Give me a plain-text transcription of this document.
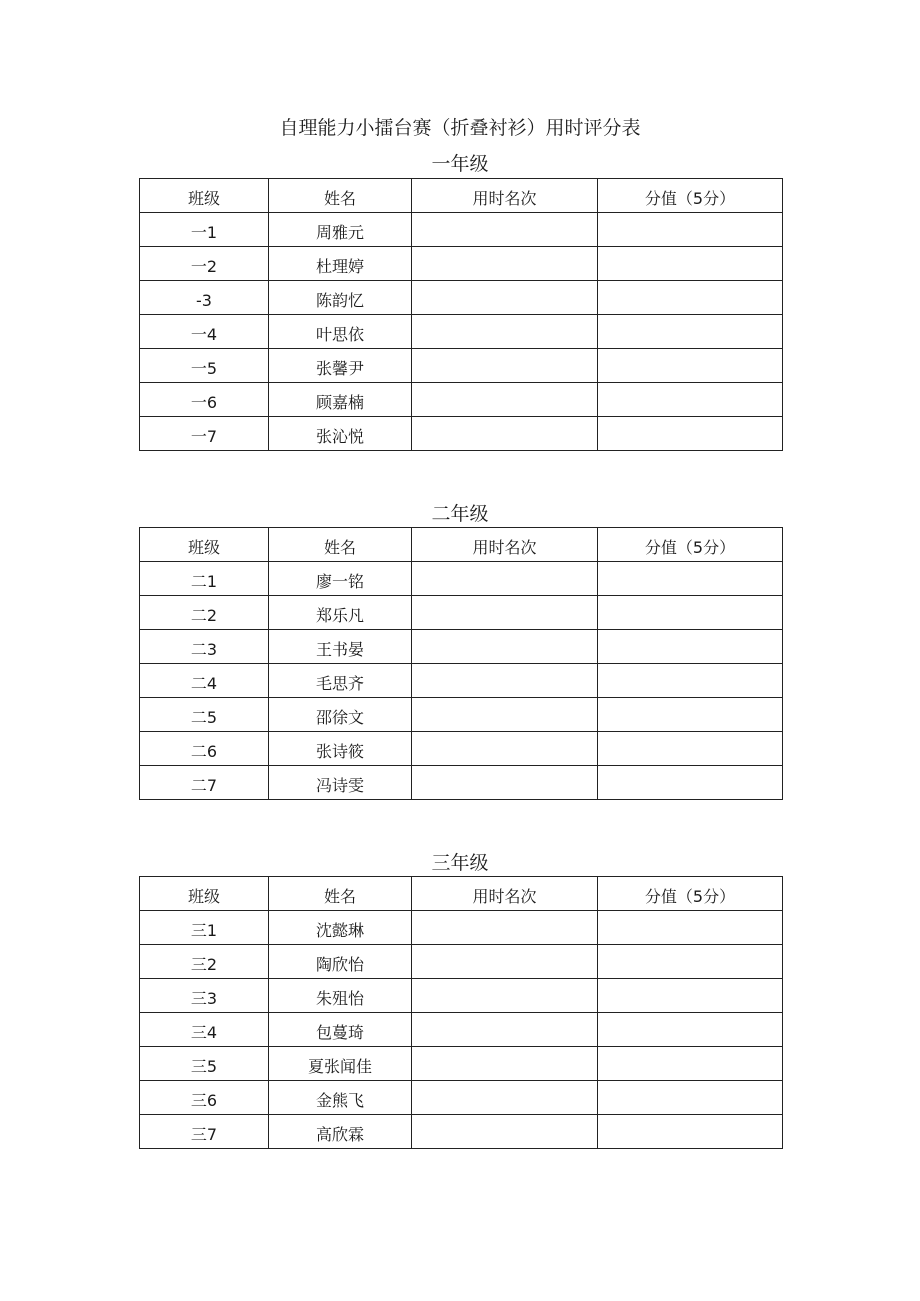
自理能力小擂台赛（折叠衬衫）用时评分表
一年级
班级	姓名	用时名次	分值（5分）
一1	周雅元		
一2	杜理婷		
-3	陈韵忆		
一4	叶思依		
一5	张馨尹		
一6	顾嘉楠		
一7	张沁悦		
二年级
班级	姓名	用时名次	分值（5分）
二1	廖一铭		
二2	郑乐凡		
二3	王书晏		
二4	毛思齐		
二5	邵徐文		
二6	张诗筱		
二7	冯诗雯		
三年级
班级	姓名	用时名次	分值（5分）
三1	沈懿琳		
三2	陶欣怡		
三3	朱殂怡		
三4	包蔓琦		
三5	夏张闻佳		
三6	金熊飞		
三7	高欣霖		
